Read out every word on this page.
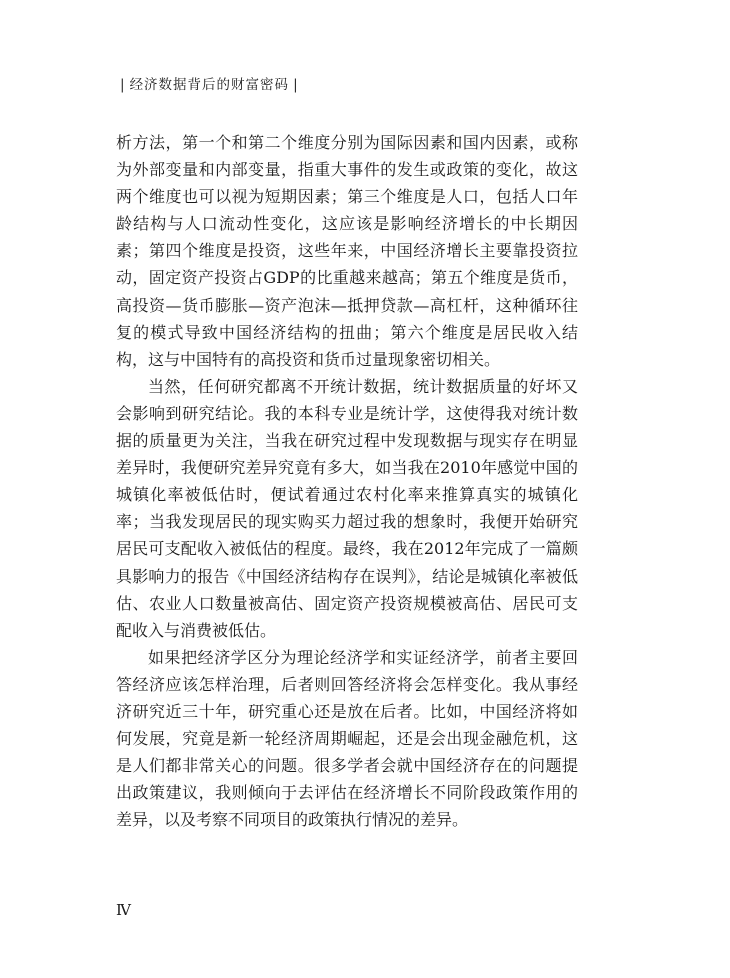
| 经济数据背后的财富密码 |

析方法，第一个和第二个维度分别为国际因素和国内因素，或称为外部变量和内部变量，指重大事件的发生或政策的变化，故这两个维度也可以视为短期因素；第三个维度是人口，包括人口年龄结构与人口流动性变化，这应该是影响经济增长的中长期因素；第四个维度是投资，这些年来，中国经济增长主要靠投资拉动，固定资产投资占GDP的比重越来越高；第五个维度是货币，高投资—货币膨胀—资产泡沫—抵押贷款—高杠杆，这种循环往复的模式导致中国经济结构的扭曲；第六个维度是居民收入结构，这与中国特有的高投资和货币过量现象密切相关。

当然，任何研究都离不开统计数据，统计数据质量的好坏又会影响到研究结论。我的本科专业是统计学，这使得我对统计数据的质量更为关注，当我在研究过程中发现数据与现实存在明显差异时，我便研究差异究竟有多大，如当我在2010年感觉中国的城镇化率被低估时，便试着通过农村化率来推算真实的城镇化率；当我发现居民的现实购买力超过我的想象时，我便开始研究居民可支配收入被低估的程度。最终，我在2012年完成了一篇颇具影响力的报告《中国经济结构存在误判》，结论是城镇化率被低估、农业人口数量被高估、固定资产投资规模被高估、居民可支配收入与消费被低估。

如果把经济学区分为理论经济学和实证经济学，前者主要回答经济应该怎样治理，后者则回答经济将会怎样变化。我从事经济研究近三十年，研究重心还是放在后者。比如，中国经济将如何发展，究竟是新一轮经济周期崛起，还是会出现金融危机，这是人们都非常关心的问题。很多学者会就中国经济存在的问题提出政策建议，我则倾向于去评估在经济增长不同阶段政策作用的差异，以及考察不同项目的政策执行情况的差异。

Ⅳ
